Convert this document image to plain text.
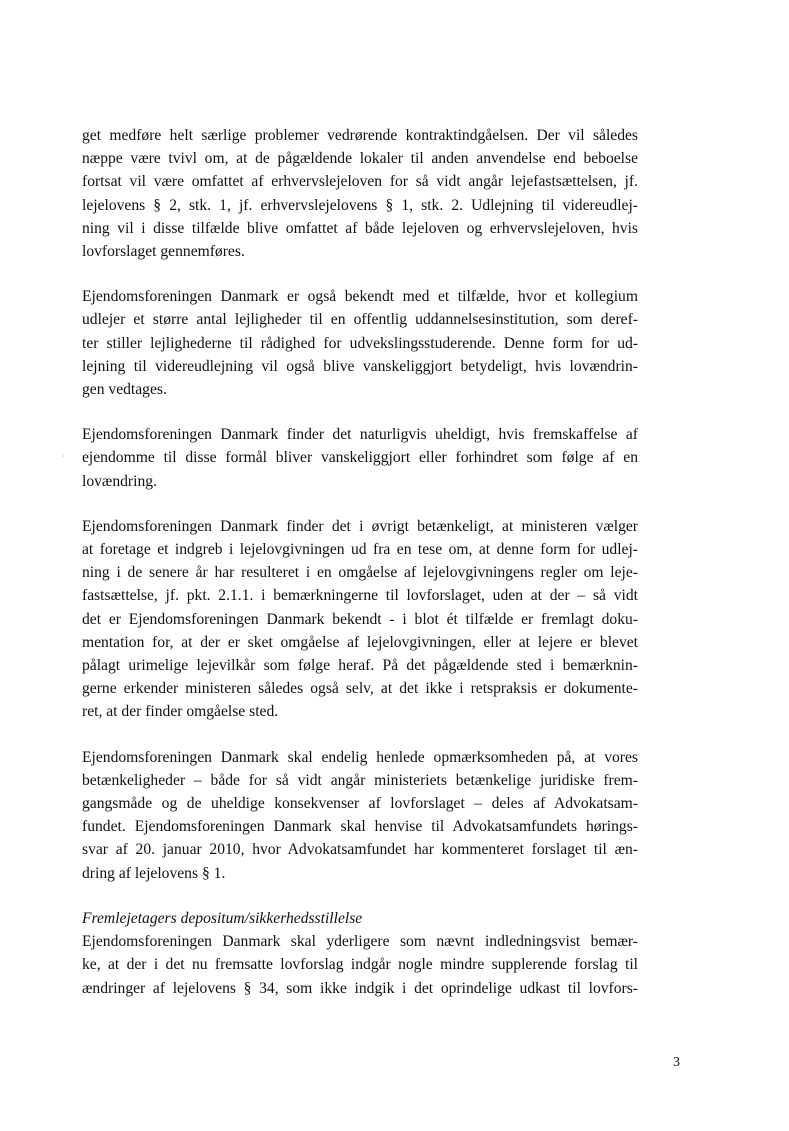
get medføre helt særlige problemer vedrørende kontraktindgåelsen. Der vil således
næppe være tvivl om, at de pågældende lokaler til anden anvendelse end beboelse
fortsat vil være omfattet af erhvervslejeloven for så vidt angår lejefastsættelsen, jf.
lejelovens § 2, stk. 1, jf. erhvervslejelovens § 1, stk. 2. Udlejning til videreudlej-
ning vil i disse tilfælde blive omfattet af både lejeloven og erhvervslejeloven, hvis
lovforslaget gennemføres.

Ejendomsforeningen Danmark er også bekendt med et tilfælde, hvor et kollegium
udlejer et større antal lejligheder til en offentlig uddannelsesinstitution, som deref-
ter stiller lejlighederne til rådighed for udvekslingsstuderende. Denne form for ud-
lejning til videreudlejning vil også blive vanskeliggjort betydeligt, hvis lovændrin-
gen vedtages.

Ejendomsforeningen Danmark finder det naturligvis uheldigt, hvis fremskaffelse af
ejendomme til disse formål bliver vanskeliggjort eller forhindret som følge af en
lovændring.

Ejendomsforeningen Danmark finder det i øvrigt betænkeligt, at ministeren vælger
at foretage et indgreb i lejelovgivningen ud fra en tese om, at denne form for udlej-
ning i de senere år har resulteret i en omgåelse af lejelovgivningens regler om leje-
fastsættelse, jf. pkt. 2.1.1. i bemærkningerne til lovforslaget, uden at der – så vidt
det er Ejendomsforeningen Danmark bekendt - i blot ét tilfælde er fremlagt doku-
mentation for, at der er sket omgåelse af lejelovgivningen, eller at lejere er blevet
pålagt urimelige lejevilkår som følge heraf. På det pågældende sted i bemærknin-
gerne erkender ministeren således også selv, at det ikke i retspraksis er dokumente-
ret, at der finder omgåelse sted.

Ejendomsforeningen Danmark skal endelig henlede opmærksomheden på, at vores
betænkeligheder – både for så vidt angår ministeriets betænkelige juridiske frem-
gangsmåde og de uheldige konsekvenser af lovforslaget – deles af Advokatsam-
fundet. Ejendomsforeningen Danmark skal henvise til Advokatsamfundets hørings-
svar af 20. januar 2010, hvor Advokatsamfundet har kommenteret forslaget til æn-
dring af lejelovens § 1.

Fremlejetagers depositum/sikkerhedsstillelse
Ejendomsforeningen Danmark skal yderligere som nævnt indledningsvist bemær-
ke, at der i det nu fremsatte lovforslag indgår nogle mindre supplerende forslag til
ændringer af lejelovens § 34, som ikke indgik i det oprindelige udkast til lovfors-
·
3
